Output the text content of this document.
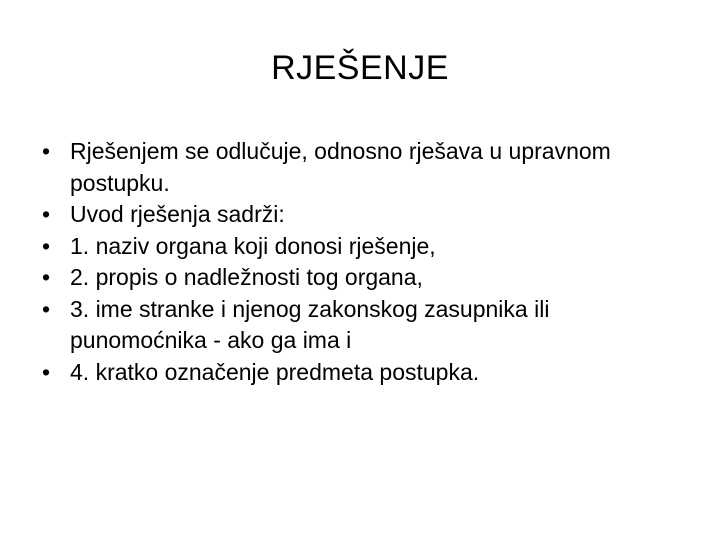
RJEŠENJE
• Rješenjem se odlučuje, odnosno rješava u upravnom postupku.
• Uvod rješenja sadrži:
• 1. naziv organa koji donosi rješenje,
• 2. propis o nadležnosti tog organa,
• 3. ime stranke i njenog zakonskog zasupnika ili punomoćnika - ako ga ima i
• 4. kratko označenje predmeta postupka.
